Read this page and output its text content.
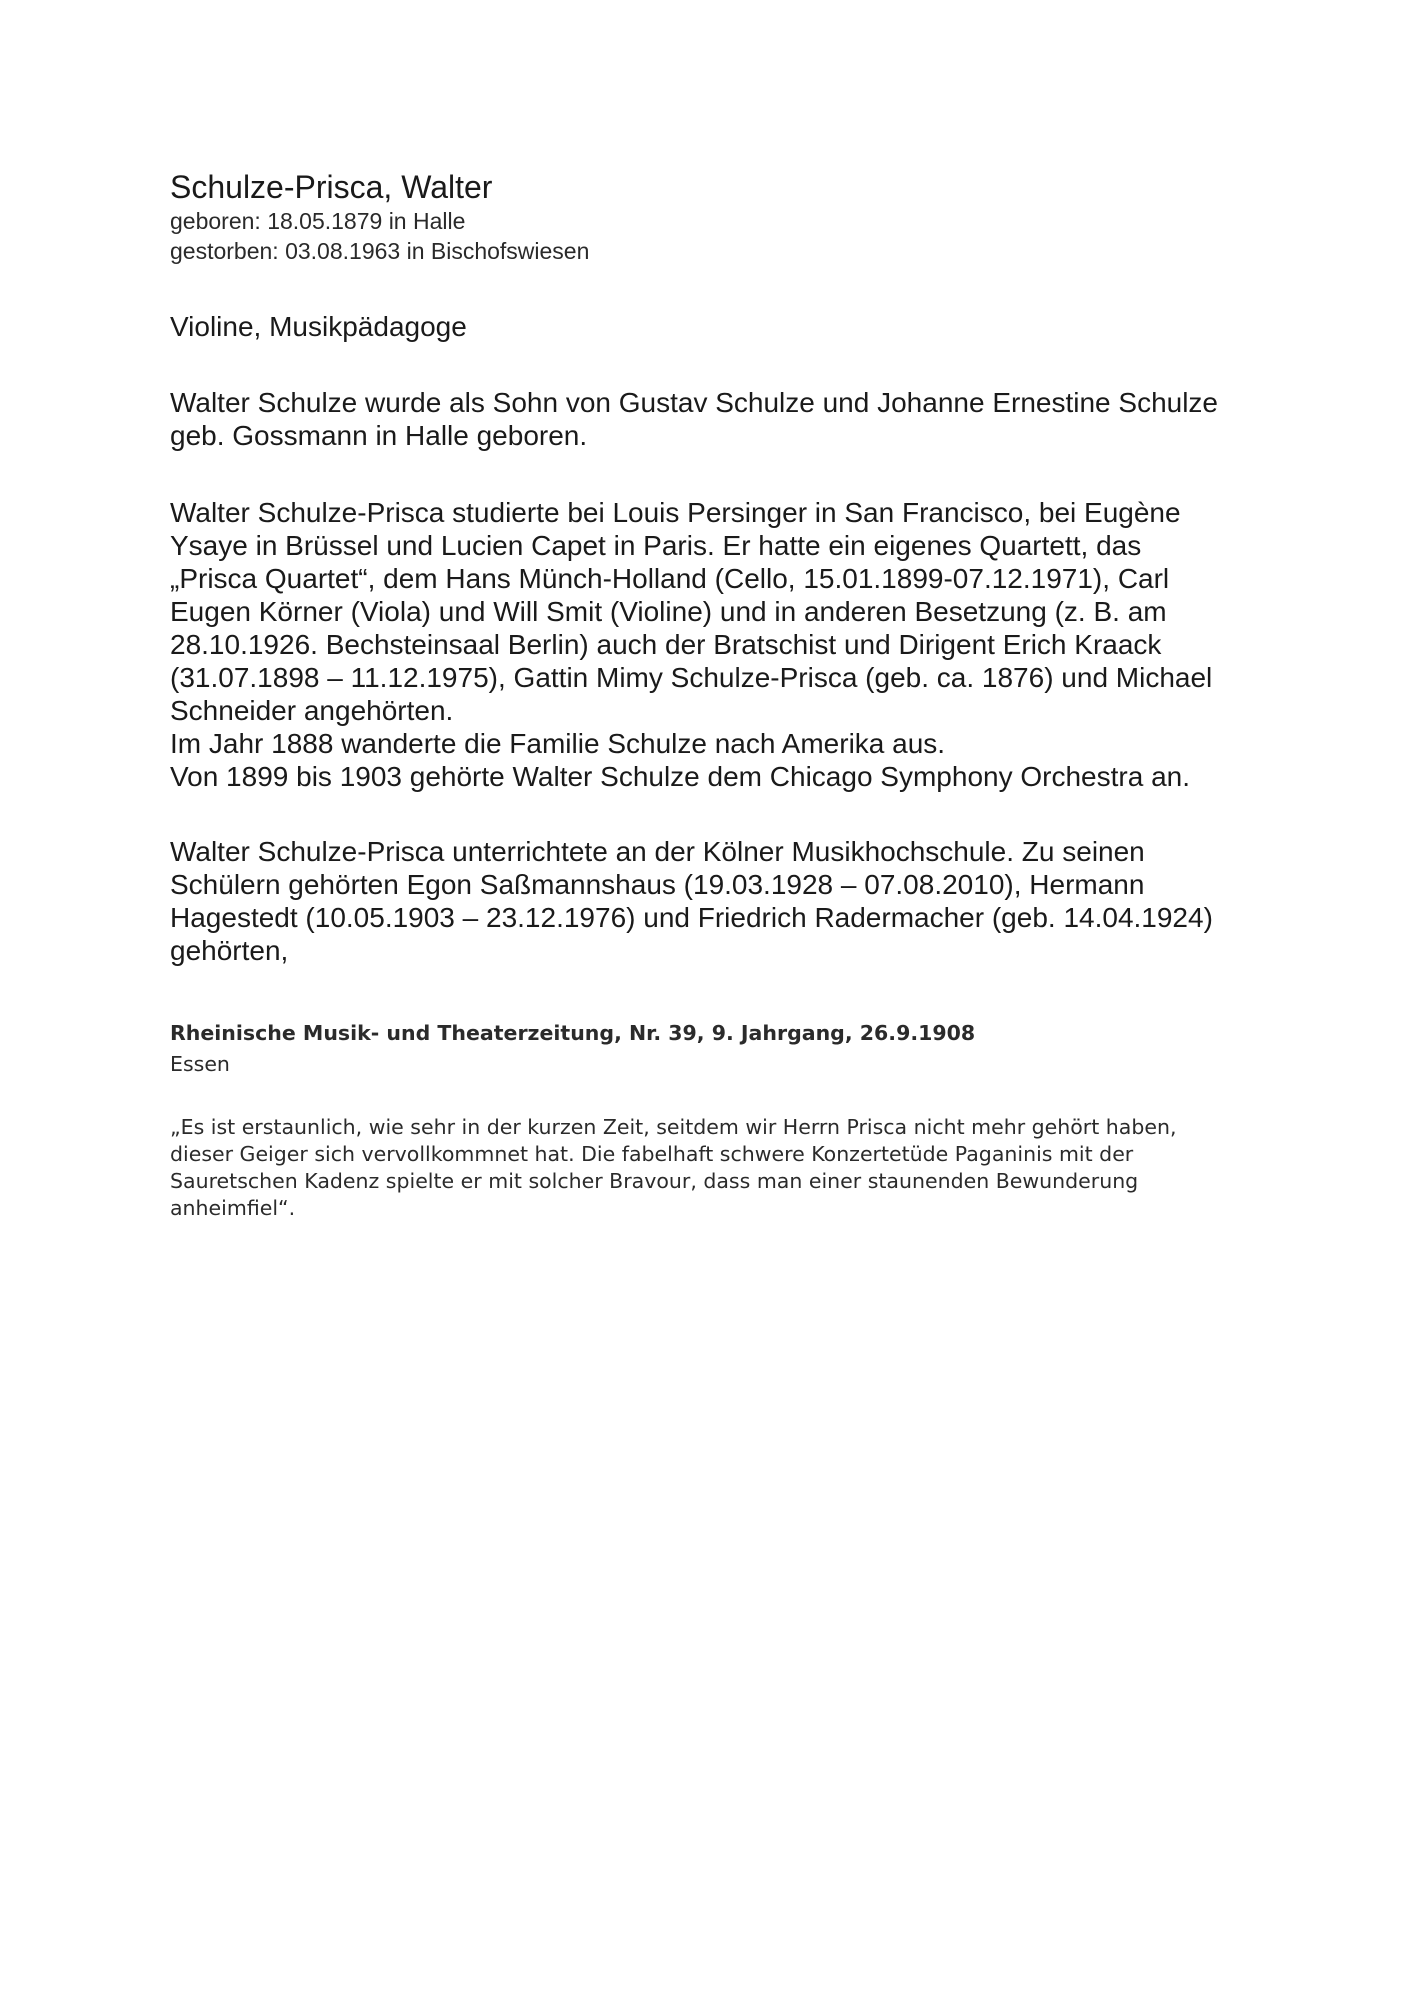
Schulze-Prisca, Walter

geboren: 18.05.1879 in Halle

gestorben: 03.08.1963 in Bischofswiesen

Violine, Musikpädagoge

Walter Schulze wurde als Sohn von Gustav Schulze und Johanne Ernestine Schulze
geb. Gossmann in Halle geboren.

Walter Schulze-Prisca studierte bei Louis Persinger in San Francisco, bei Eugène
Ysaye in Brüssel und Lucien Capet in Paris. Er hatte ein eigenes Quartett, das
„Prisca Quartet“, dem Hans Münch-Holland (Cello, 15.01.1899-07.12.1971), Carl
Eugen Körner (Viola) und Will Smit (Violine) und in anderen Besetzung (z. B. am
28.10.1926. Bechsteinsaal Berlin) auch der Bratschist und Dirigent Erich Kraack
(31.07.1898 – 11.12.1975), Gattin Mimy Schulze-Prisca (geb. ca. 1876) und Michael
Schneider angehörten.
Im Jahr 1888 wanderte die Familie Schulze nach Amerika aus.
Von 1899 bis 1903 gehörte Walter Schulze dem Chicago Symphony Orchestra an.

Walter Schulze-Prisca unterrichtete an der Kölner Musikhochschule. Zu seinen
Schülern gehörten Egon Saßmannshaus (19.03.1928 – 07.08.2010), Hermann
Hagestedt (10.05.1903 – 23.12.1976) und Friedrich Radermacher (geb. 14.04.1924)
gehörten,

Rheinische Musik- und Theaterzeitung, Nr. 39, 9. Jahrgang, 26.9.1908

Essen

„Es ist erstaunlich, wie sehr in der kurzen Zeit, seitdem wir Herrn Prisca nicht mehr gehört haben,
dieser Geiger sich vervollkommnet hat. Die fabelhaft schwere Konzertetüde Paganinis mit der
Sauretschen Kadenz spielte er mit solcher Bravour, dass man einer staunenden Bewunderung
anheimfiel“.
